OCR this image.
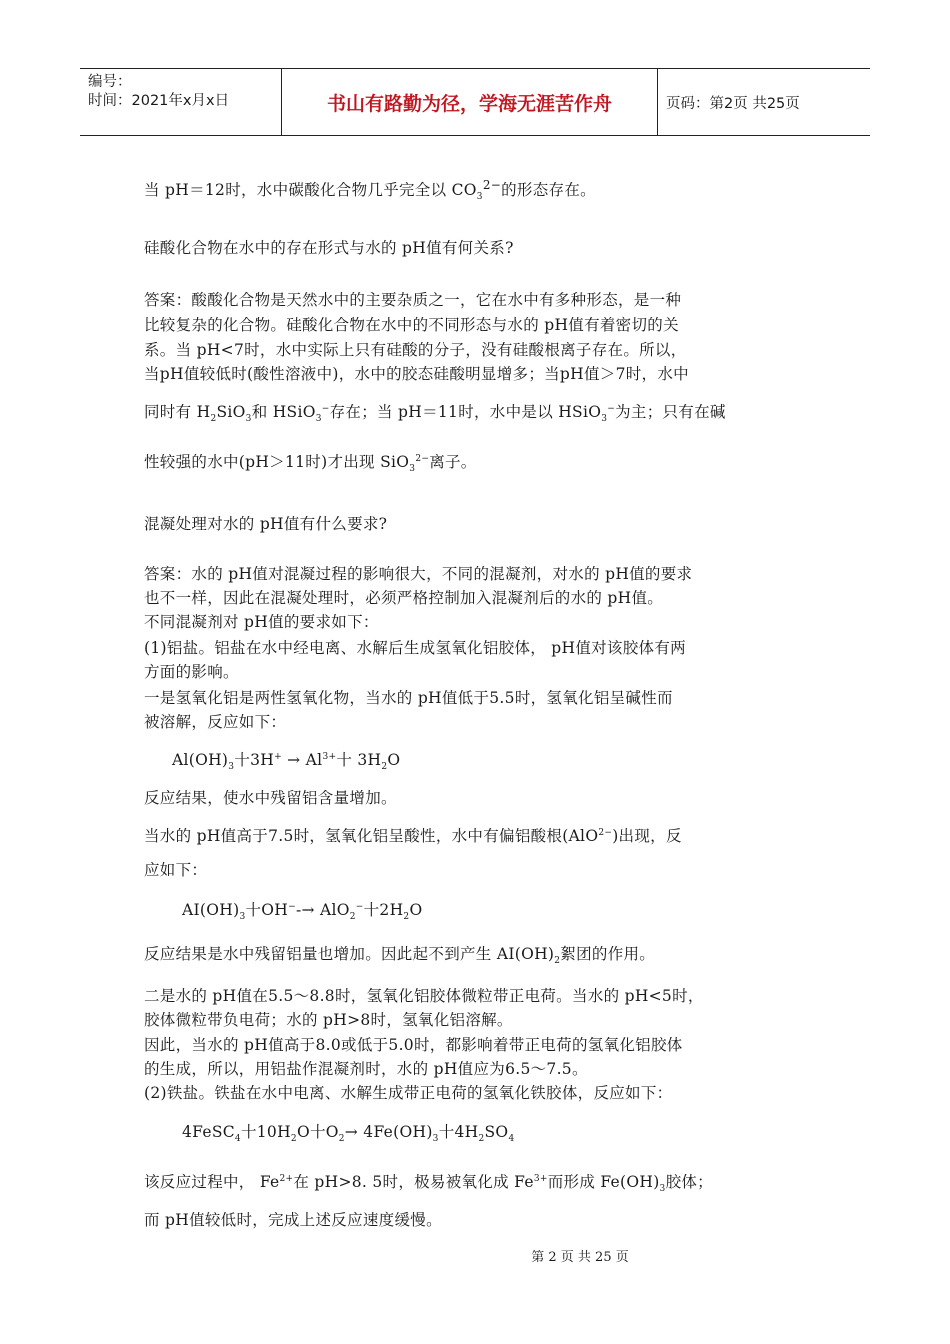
编号：
时间：2021年x月x日	书山有路勤为径，学海无涯苦作舟	页码：第2页 共25页
当 pH＝12时，水中碳酸化合物几乎完全以 $CO_3^{2-}$的形态存在。
硅酸化合物在水中的存在形式与水的 pH值有何关系?
答案：酸酸化合物是天然水中的主要杂质之一，它在水中有多种形态，是一种
比较复杂的化合物。硅酸化合物在水中的不同形态与水的 pH值有着密切的关
系。当 pH<7时，水中实际上只有硅酸的分子，没有硅酸根离子存在。所以，
当pH值较低时(酸性溶液中)，水中的胶态硅酸明显增多；当pH值＞7时，水中
同时有 $H_2SiO_3$和 HSiO$_3$−存在；当 pH＝11时，水中是以 HSiO$_3$−为主；只有在碱
性较强的水中(pH＞11时)才出现 SiO$_3^{2-}$离子。
混凝处理对水的 pH值有什么要求?
答案：水的 pH值对混凝过程的影响很大，不同的混凝剂，对水的 pH值的要求
也不一样，因此在混凝处理时，必须严格控制加入混凝剂后的水的 pH值。
不同混凝剂对 pH值的要求如下：
(1)铝盐。铝盐在水中经电离、水解后生成氢氧化铝胶体， pH值对该胶体有两
方面的影响。
一是氢氧化铝是两性氢氧化物，当水的 pH值低于5.5时，氢氧化铝呈碱性而
被溶解，反应如下：
$Al(OH)_3$十$3H^+ \to Al^{3+}$十 $3H_2O$
反应结果，使水中残留铝含量增加。
当水的 pH值高于7.5时，氢氧化铝呈酸性，水中有偏铝酸根(AlO$^{2-}$)出现，反
应如下：
$AI(OH)_3$十OH−-→ AlO$_2$−十$2H_2O$
反应结果是水中残留铝量也增加。因此起不到产生 $AI(OH)_2$絮团的作用。
二是水的 pH值在5.5～8.8时，氢氧化铝胶体微粒带正电荷。当水的 pH<5时，
胶体微粒带负电荷；水的 pH>8时，氢氧化铝溶解。
因此，当水的 pH值高于8.0或低于5.0时，都影响着带正电荷的氢氧化铝胶体
的生成，所以，用铝盐作混凝剂时，水的 pH值应为6.5～7.5。
(2)铁盐。铁盐在水中电离、水解生成带正电荷的氢氧化铁胶体，反应如下：
4FeSC$_4$十$10H_2O$十$O_2\to 4Fe(OH)_3$十$4H_2SO_4$
该反应过程中， $Fe^{2+}$在 pH>8. 5时，极易被氧化成 $Fe^{3+}$而形成 $Fe(OH)_3$胶体；
而 pH值较低时，完成上述反应速度缓慢。
第 2 页 共 25 页
